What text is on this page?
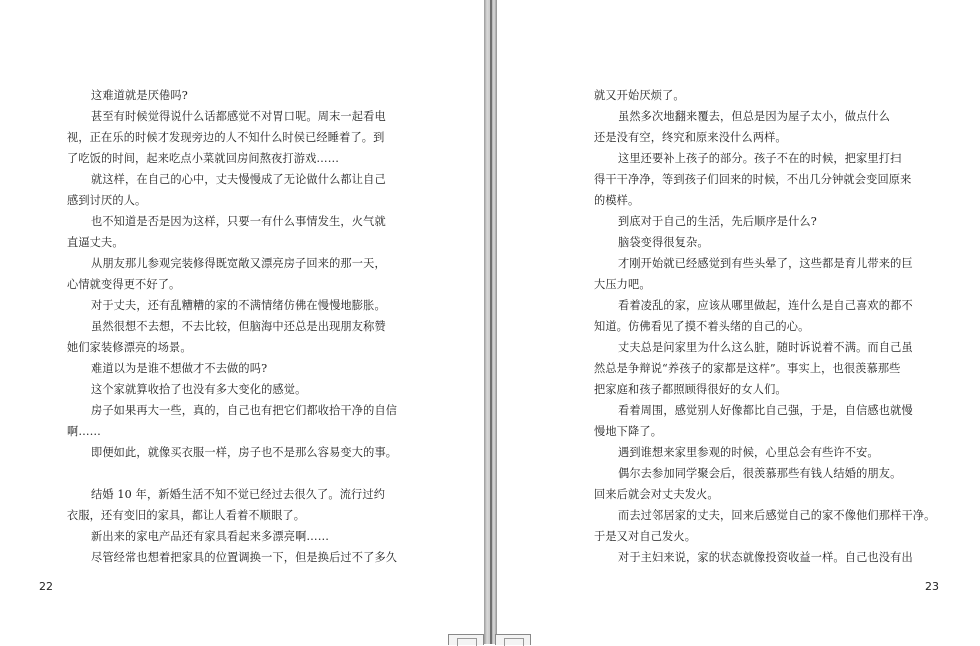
这难道就是厌倦吗?
甚至有时候觉得说什么话都感觉不对胃口呢。周末一起看电
视，正在乐的时候才发现旁边的人不知什么时侯已经睡着了。到
了吃饭的时间，起来吃点小菜就回房间熬夜打游戏……
就这样，在自己的心中，丈夫慢慢成了无论做什么都让自己
感到讨厌的人。
也不知道是否是因为这样，只要一有什么事情发生，火气就
直逼丈夫。
从朋友那儿参观完装修得既宽敞又漂亮房子回来的那一天，
心情就变得更不好了。
对于丈夫，还有乱糟糟的家的不满情绪仿佛在慢慢地膨胀。
虽然很想不去想，不去比较，但脑海中还总是出现朋友称赞
她们家装修漂亮的场景。
难道以为是谁不想做才不去做的吗?
这个家就算收拾了也没有多大变化的感觉。
房子如果再大一些，真的，自己也有把它们都收拾干净的自信
啊……
即便如此，就像买衣服一样，房子也不是那么容易变大的事。
结婚 10 年，新婚生活不知不觉已经过去很久了。流行过约
衣服，还有变旧的家具，都让人看着不顺眼了。
新出来的家电产品还有家具看起来多漂亮啊……
尽管经常也想着把家具的位置调换一下，但是换后过不了多久
22
就又开始厌烦了。
虽然多次地翻来覆去，但总是因为屋子太小，做点什么
还是没有空，终究和原来没什么两样。
这里还要补上孩子的部分。孩子不在的时候，把家里打扫
得干干净净，等到孩子们回来的时候，不出几分钟就会变回原来
的模样。
到底对于自己的生活，先后顺序是什么?
脑袋变得很复杂。
才刚开始就已经感觉到有些头晕了，这些都是育儿带来的巨
大压力吧。
看着凌乱的家，应该从哪里做起，连什么是自己喜欢的都不
知道。仿佛看见了摸不着头绪的自己的心。
丈夫总是问家里为什么这么脏，随时诉说着不满。而自己虽
然总是争辩说“养孩子的家都是这样”。事实上，也很羡慕那些
把家庭和孩子都照顾得很好的女人们。
看着周围，感觉别人好像都比自己强，于是，自信感也就慢
慢地下降了。
遇到谁想来家里参观的时候，心里总会有些许不安。
偶尔去参加同学聚会后，很羡慕那些有钱人结婚的朋友。
回来后就会对丈夫发火。
而去过邻居家的丈夫，回来后感觉自己的家不像他们那样干净。
于是又对自己发火。
对于主妇来说，家的状态就像投资收益一样。自己也没有出
23
